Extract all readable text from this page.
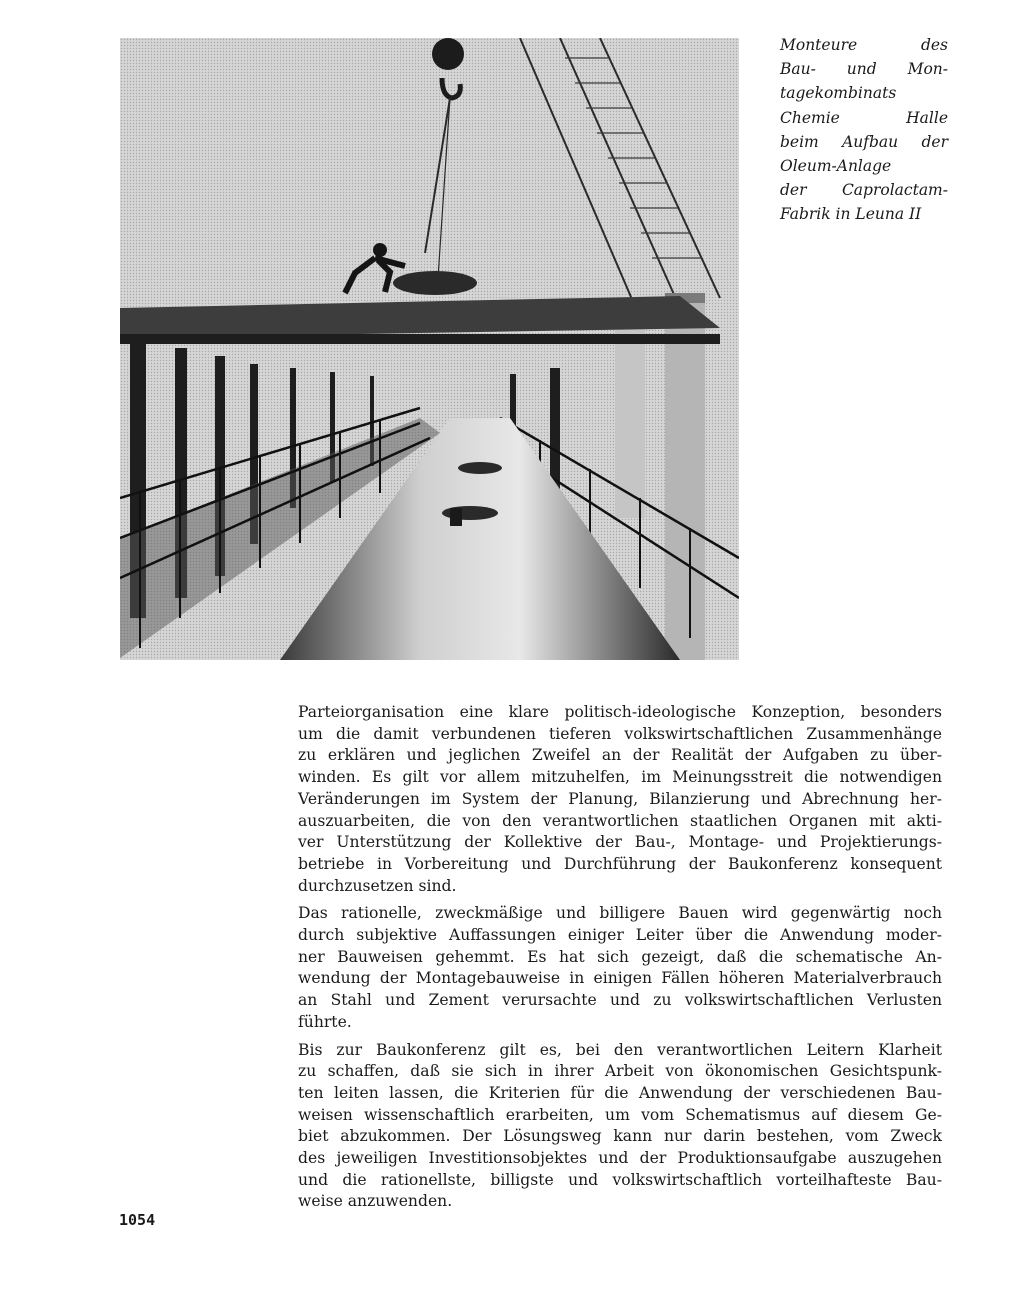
Monteure des
Bau- und Mon-
tagekombinats
Chemie Halle
beim Aufbau der
Oleum-Anlage
der Caprolactam-
Fabrik in Leuna II

Parteiorganisation eine klare politisch-ideologische Konzeption, besonders
um die damit verbundenen tieferen volkswirtschaftlichen Zusammenhänge
zu erklären und jeglichen Zweifel an der Realität der Aufgaben zu über-
winden. Es gilt vor allem mitzuhelfen, im Meinungsstreit die notwendigen
Veränderungen im System der Planung, Bilanzierung und Abrechnung her-
auszuarbeiten, die von den verantwortlichen staatlichen Organen mit akti-
ver Unterstützung der Kollektive der Bau-, Montage- und Projektierungs-
betriebe in Vorbereitung und Durchführung der Baukonferenz konsequent
durchzusetzen sind.

Das rationelle, zweckmäßige und billigere Bauen wird gegenwärtig noch
durch subjektive Auffassungen einiger Leiter über die Anwendung moder-
ner Bauweisen gehemmt. Es hat sich gezeigt, daß die schematische An-
wendung der Montagebauweise in einigen Fällen höheren Materialverbrauch
an Stahl und Zement verursachte und zu volkswirtschaftlichen Verlusten
führte.

Bis zur Baukonferenz gilt es, bei den verantwortlichen Leitern Klarheit
zu schaffen, daß sie sich in ihrer Arbeit von ökonomischen Gesichtspunk-
ten leiten lassen, die Kriterien für die Anwendung der verschiedenen Bau-
weisen wissenschaftlich erarbeiten, um vom Schematismus auf diesem Ge-
biet abzukommen. Der Lösungsweg kann nur darin bestehen, vom Zweck
des jeweiligen Investitionsobjektes und der Produktionsaufgabe auszugehen
und die rationellste, billigste und volkswirtschaftlich vorteilhafteste Bau-
weise anzuwenden.

1054
